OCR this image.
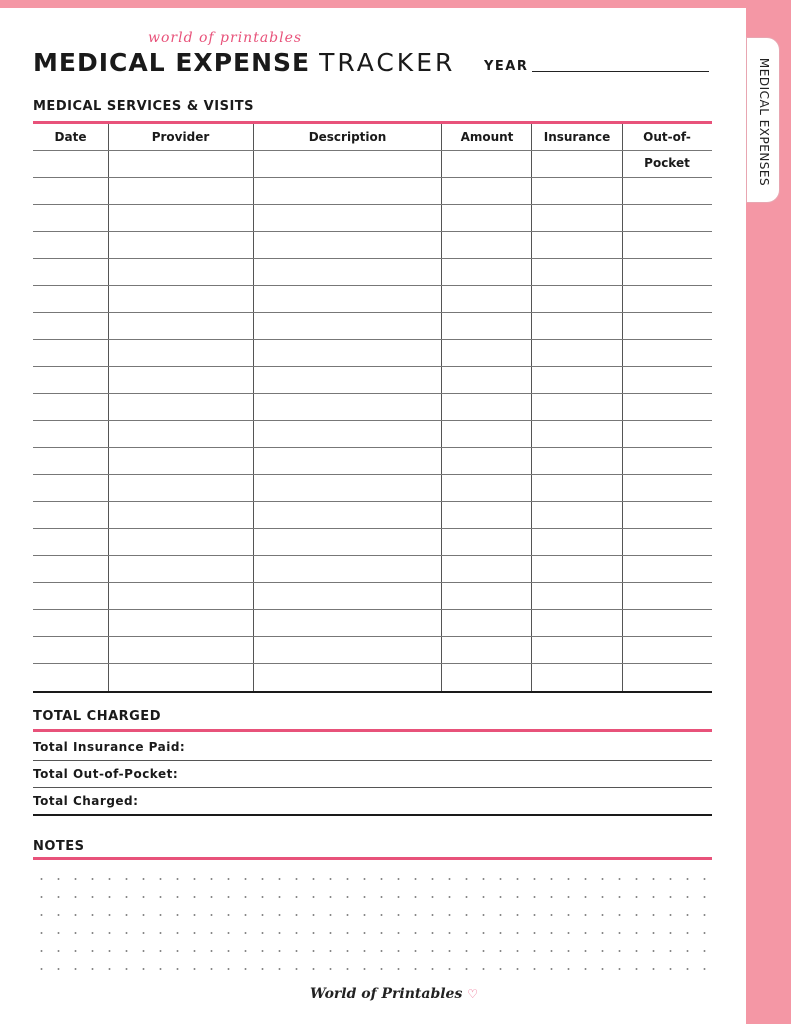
MEDICAL EXPENSES
world of printables
MEDICAL EXPENSE TRACKER YEAR
MEDICAL SERVICES & VISITS
Date	Provider	Description	Amount	Insurance	Out-of-Pocket
TOTAL CHARGED
Total Insurance Paid:
Total Out-of-Pocket:
Total Charged:
NOTES
World of Printables ♡
